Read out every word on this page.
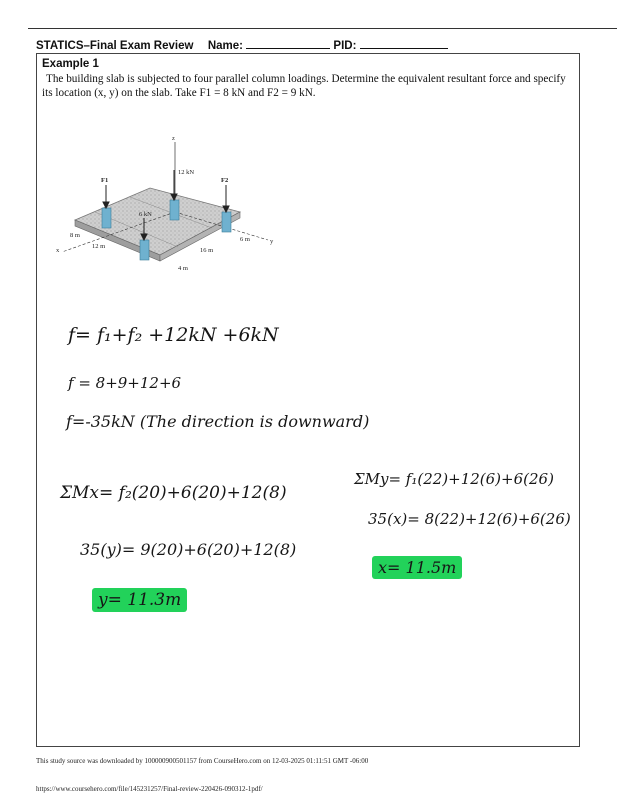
STATICS–Final Exam Review Name:	PID:
Example 1
The building slab is subjected to four parallel column loadings. Determine the equivalent resultant force and specify its location (x, y) on the slab. Take F1 = 8 kN and F2 = 9 kN.
z
F1
12 kN
F2
6 kN
x
y
8 m
12 m
16 m
6 m
4 m
f= f₁+f₂ +12kN +6kN
f = 8+9+12+6
f=-35kN (The direction is downward)
ΣMx= f₂(20)+6(20)+12(8)
35(y)= 9(20)+6(20)+12(8)
y= 11.3m
ΣMy= f₁(22)+12(6)+6(26)
35(x)= 8(22)+12(6)+6(26)
x= 11.5m
This study source was downloaded by 100000900501157 from CourseHero.com on 12-03-2025 01:11:51 GMT -06:00
https://www.coursehero.com/file/145231257/Final-review-220426-090312-1pdf/
